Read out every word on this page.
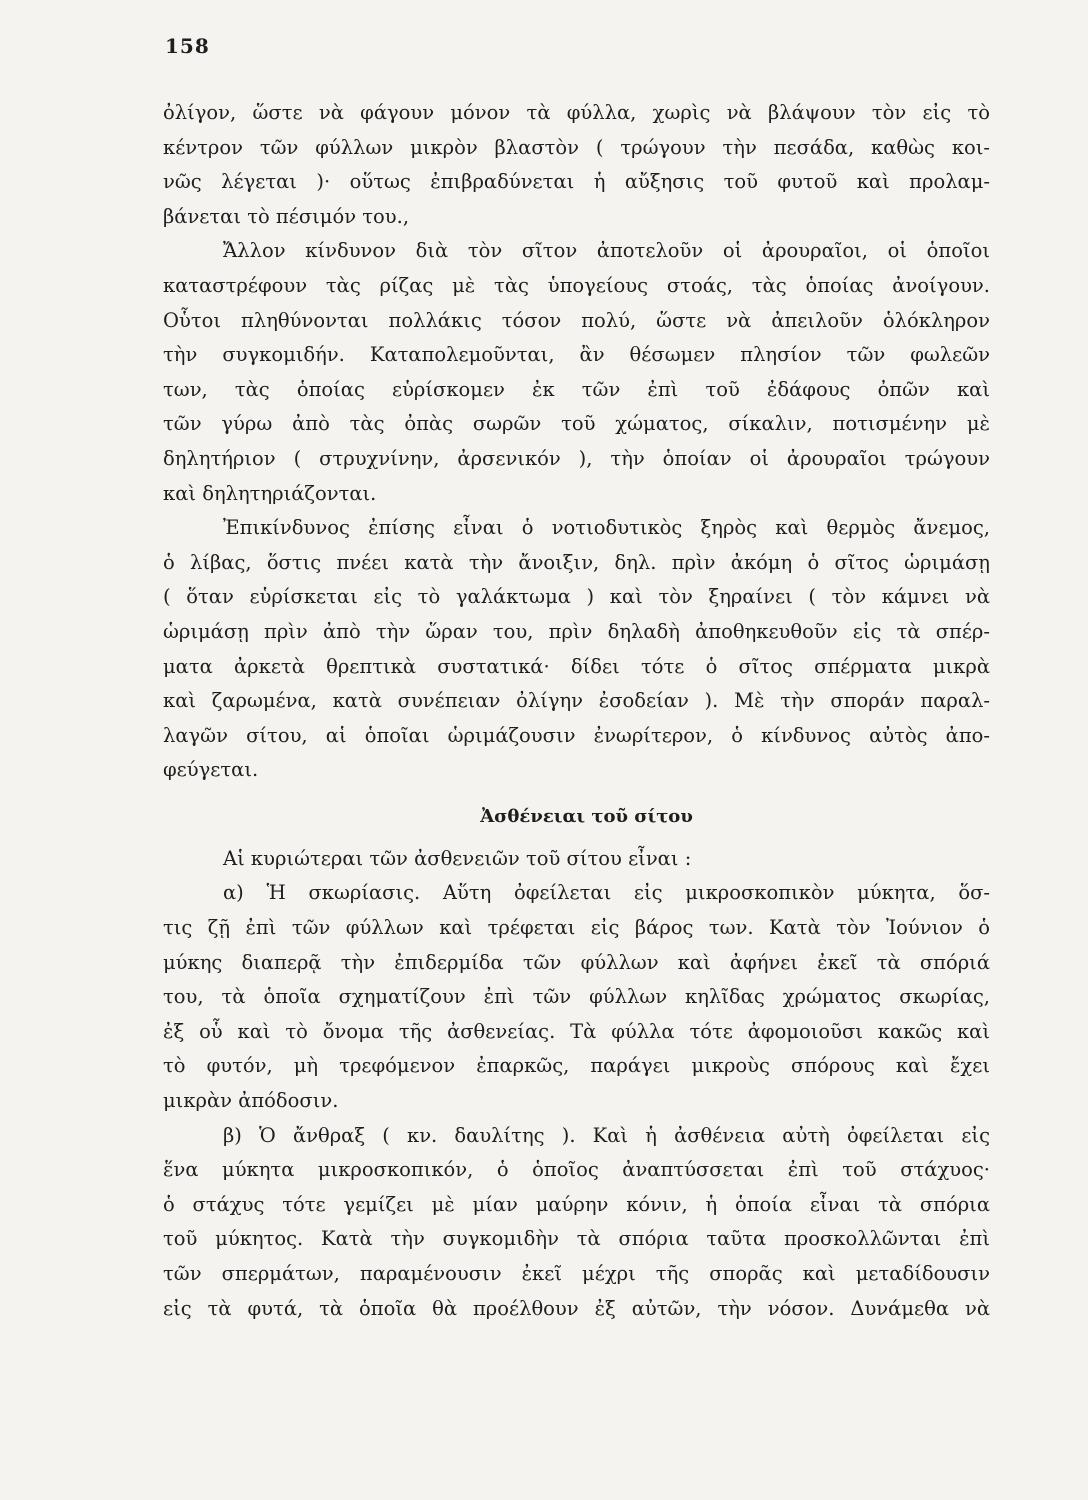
158
ὀλίγον, ὥστε νὰ φάγουν μόνον τὰ φύλλα, χωρὶς νὰ βλάψουν τὸν εἰς τὸ
κέντρον τῶν φύλλων μικρὸν βλαστὸν ( τρώγουν τὴν πεσάδα, καθὼς κοι-
νῶς λέγεται )· οὕτως ἐπιβραδύνεται ἡ αὔξησις τοῦ φυτοῦ καὶ προλαμ-
βάνεται τὸ πέσιμόν του.,
Ἄλλον κίνδυνον διὰ τὸν σῖτον ἀποτελοῦν οἱ ἀρουραῖοι, οἱ ὁποῖοι
καταστρέφουν τὰς ρίζας μὲ τὰς ὑπογείους στοάς, τὰς ὁποίας ἀνοίγουν.
Οὗτοι πληθύνονται πολλάκις τόσον πολύ, ὥστε νὰ ἀπειλοῦν ὁλόκληρον
τὴν συγκομιδήν. Καταπολεμοῦνται, ἂν θέσωμεν πλησίον τῶν φωλεῶν
των, τὰς ὁποίας εὑρίσκομεν ἐκ τῶν ἐπὶ τοῦ ἐδάφους ὀπῶν καὶ
τῶν γύρω ἀπὸ τὰς ὀπὰς σωρῶν τοῦ χώματος, σίκαλιν, ποτισμένην μὲ
δηλητήριον ( στρυχνίνην, ἀρσενικόν ), τὴν ὁποίαν οἱ ἀρουραῖοι τρώγουν
καὶ δηλητηριάζονται.
Ἐπικίνδυνος ἐπίσης εἶναι ὁ νοτιοδυτικὸς ξηρὸς καὶ θερμὸς ἄνεμος,
ὁ λίβας, ὅστις πνέει κατὰ τὴν ἄνοιξιν, δηλ. πρὶν ἀκόμη ὁ σῖτος ὡριμάσῃ
( ὅταν εὑρίσκεται εἰς τὸ γαλάκτωμα ) καὶ τὸν ξηραίνει ( τὸν κάμνει νὰ
ὡριμάσῃ πρὶν ἀπὸ τὴν ὥραν του, πρὶν δηλαδὴ ἀποθηκευθοῦν εἰς τὰ σπέρ-
ματα ἀρκετὰ θρεπτικὰ συστατικά· δίδει τότε ὁ σῖτος σπέρματα μικρὰ
καὶ ζαρωμένα, κατὰ συνέπειαν ὀλίγην ἐσοδείαν ). Μὲ τὴν σποράν παραλ-
λαγῶν σίτου, αἱ ὁποῖαι ὡριμάζουσιν ἐνωρίτερον, ὁ κίνδυνος αὐτὸς ἀπο-
φεύγεται.
Ἀσθένειαι τοῦ σίτου
Αἱ κυριώτεραι τῶν ἀσθενειῶν τοῦ σίτου εἶναι :
α) Ἡ σκωρίασις. Αὕτη ὀφείλεται εἰς μικροσκοπικὸν μύκητα, ὅσ-
τις ζῇ ἐπὶ τῶν φύλλων καὶ τρέφεται εἰς βάρος των. Κατὰ τὸν Ἰούνιον ὁ
μύκης διαπερᾷ τὴν ἐπιδερμίδα τῶν φύλλων καὶ ἀφήνει ἐκεῖ τὰ σπόριά
του, τὰ ὁποῖα σχηματίζουν ἐπὶ τῶν φύλλων κηλῖδας χρώματος σκωρίας,
ἐξ οὗ καὶ τὸ ὄνομα τῆς ἀσθενείας. Τὰ φύλλα τότε ἀφομοιοῦσι κακῶς καὶ
τὸ φυτόν, μὴ τρεφόμενον ἐπαρκῶς, παράγει μικροὺς σπόρους καὶ ἔχει
μικρὰν ἀπόδοσιν.
β) Ὁ ἄνθραξ ( κν. δαυλίτης ). Καὶ ἡ ἀσθένεια αὐτὴ ὀφείλεται εἰς
ἕνα μύκητα μικροσκοπικόν, ὁ ὁποῖος ἀναπτύσσεται ἐπὶ τοῦ στάχυος·
ὁ στάχυς τότε γεμίζει μὲ μίαν μαύρην κόνιν, ἡ ὁποία εἶναι τὰ σπόρια
τοῦ μύκητος. Κατὰ τὴν συγκομιδὴν τὰ σπόρια ταῦτα προσκολλῶνται ἐπὶ
τῶν σπερμάτων, παραμένουσιν ἐκεῖ μέχρι τῆς σπορᾶς καὶ μεταδίδουσιν
εἰς τὰ φυτά, τὰ ὁποῖα θὰ προέλθουν ἐξ αὐτῶν, τὴν νόσον. Δυνάμεθα νὰ
